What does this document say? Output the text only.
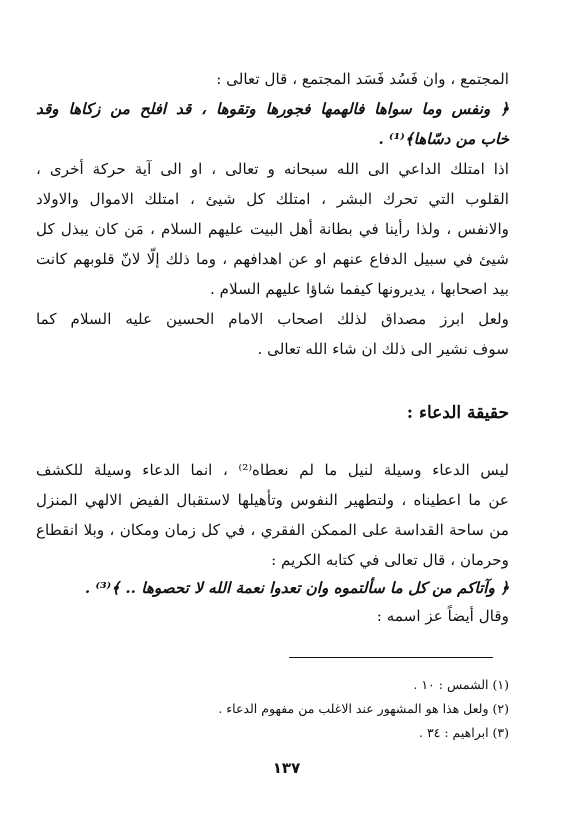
المجتمع ، وان فَسُد فَسَد المجتمع ، قال تعالى :
﴿ ونفس وما سواها فالهمها فجورها وتقوها ، قد افلح من زكاها وقد
خاب من دسّاها﴾⁽¹⁾ .
اذا امتلك الداعي الى الله سبحانه و تعالى ، او الى آية حركة أخرى ،
القلوب التي تحرك البشر ، امتلك كل شيئ ، امتلك الاموال والاولاد
والانفس ، ولذا رأينا في بطانة أهل البيت عليهم السلام ، مَن كان يبذل كل
شيئ في سبيل الدفاع عنهم او عن اهدافهم ، وما ذلك إلّا لانّ قلوبهم كانت
بيد اصحابها ، يديرونها كيفما شاؤا عليهم السلام .
ولعل ابرز مصداق لذلك اصحاب الامام الحسين عليه السلام كما
سوف نشير الى ذلك ان شاء الله تعالى .
حقيقة الدعاء :
ليس الدعاء وسيلة لنيل ما لم نعطاه⁽²⁾ ، انما الدعاء وسيلة للكشف
عن ما اعطيناه ، ولتطهير النفوس وتأهيلها لاستقبال الفيض الالهي المنزل
من ساحة القداسة على الممكن الفقري ، في كل زمان ومكان ، وبلا انقطاع
وحرمان ، قال تعالى في كتابه الكريم :
﴿ وآتاكم من كل ما سألتموه وان تعدوا نعمة الله لا تحصوها .. ﴾⁽³⁾ .
وقال أيضاً عز اسمه :
(١) الشمس : ١٠ .
(٢) ولعل هذا هو المشهور عند الاغلب من مفهوم الدعاء .
(٣) ابراهيم : ٣٤ .
١٣٧
